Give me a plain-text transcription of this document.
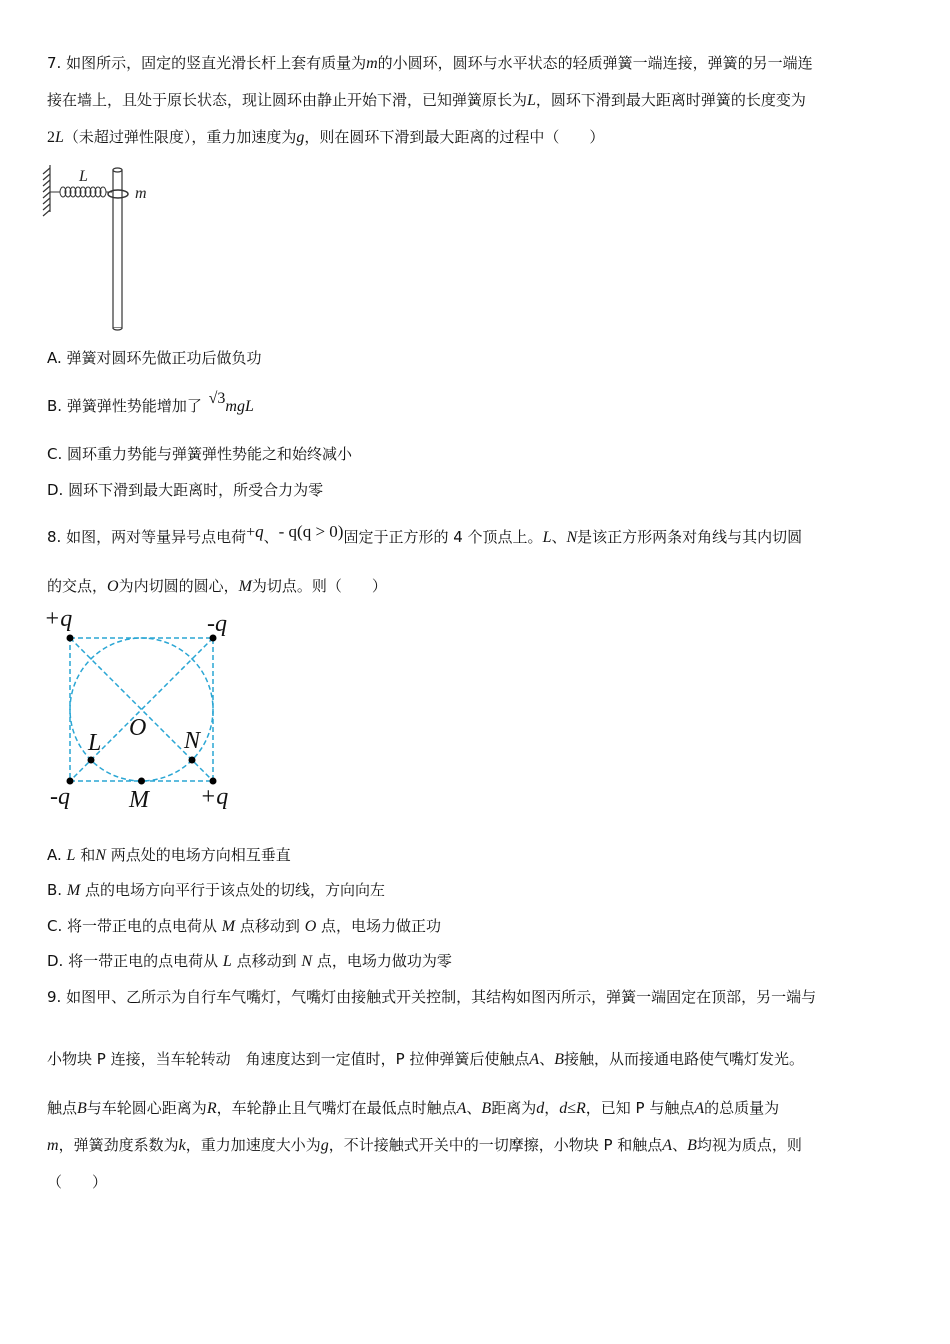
7. 如图所示，固定的竖直光滑长杆上套有质量为m的小圆环，圆环与水平状态的轻质弹簧一端连接，弹簧的另一端连
接在墙上，且处于原长状态，现让圆环由静止开始下滑，已知弹簧原长为L，圆环下滑到最大距离时弹簧的长度变为
2L（未超过弹性限度），重力加速度为g，则在圆环下滑到最大距离的过程中（　　）
L
m
A. 弹簧对圆环先做正功后做负功
B. 弹簧弹性势能增加了 √3mgL
C. 圆环重力势能与弹簧弹性势能之和始终减小
D. 圆环下滑到最大距离时，所受合力为零
8. 如图，两对等量异号点电荷+q、- q(q > 0)固定于正方形的 4 个顶点上。L、N是该正方形两条对角线与其内切圆
的交点，O为内切圆的圆心，M为切点。则（　　）
+q	-q
-q	+q
O
L	N
M
A. L 和N 两点处的电场方向相互垂直
B. M 点的电场方向平行于该点处的切线，方向向左
C. 将一带正电的点电荷从 M 点移动到 O 点，电场力做正功
D. 将一带正电的点电荷从 L 点移动到 N 点，电场力做功为零
9. 如图甲、乙所示为自行车气嘴灯，气嘴灯由接触式开关控制，其结构如图丙所示，弹簧一端固定在顶部，另一端与
小物块 P 连接，当车轮转动　角速度达到一定值时，P 拉伸弹簧后使触点A、B接触，从而接通电路使气嘴灯发光。
触点B与车轮圆心距离为R，车轮静止且气嘴灯在最低点时触点A、B距离为d，d≤R，已知 P 与触点A的总质量为
m，弹簧劲度系数为k，重力加速度大小为g，不计接触式开关中的一切摩擦，小物块 P 和触点A、B均视为质点，则
（　　）
